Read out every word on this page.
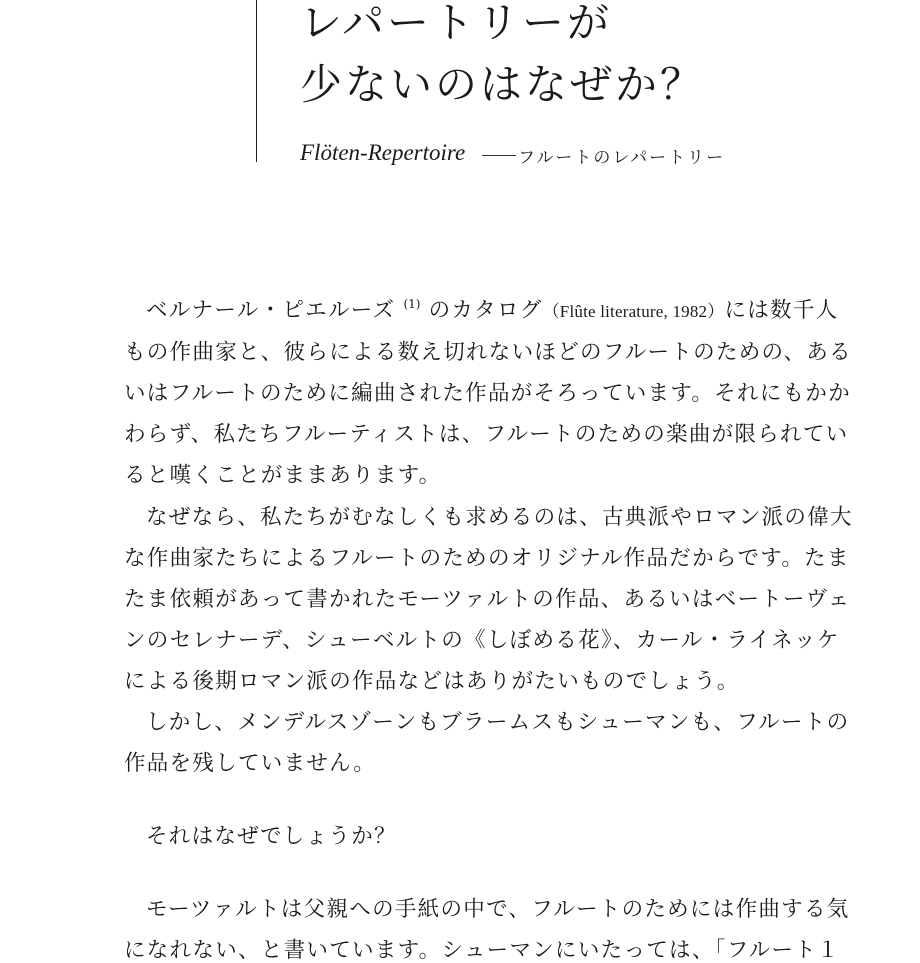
レパートリーが
少ないのはなぜか？
Flöten-Repertoire	フルートのレパートリー
ベルナール・ピエルーズ $^{(1)}$ のカタログ（Flûte literature, 1982）には数千人
もの作曲家と、彼らによる数え切れないほどのフルートのための、ある
いはフルートのために編曲された作品がそろっています。それにもかか
わらず、私たちフルーティストは、フルートのための楽曲が限られてい
ると嘆くことがままあります。
なぜなら、私たちがむなしくも求めるのは、古典派やロマン派の偉大
な作曲家たちによるフルートのためのオリジナル作品だからです。たま
たま依頼があって書かれたモーツァルトの作品、あるいはベートーヴェ
ンのセレナーデ、シューベルトの《しぼめる花》、カール・ライネッケ
による後期ロマン派の作品などはありがたいものでしょう。
しかし、メンデルスゾーンもブラームスもシューマンも、フルートの
作品を残していません。
それはなぜでしょうか？
モーツァルトは父親への手紙の中で、フルートのためには作曲する気
になれない、と書いています。シューマンにいたっては、「フルート１
